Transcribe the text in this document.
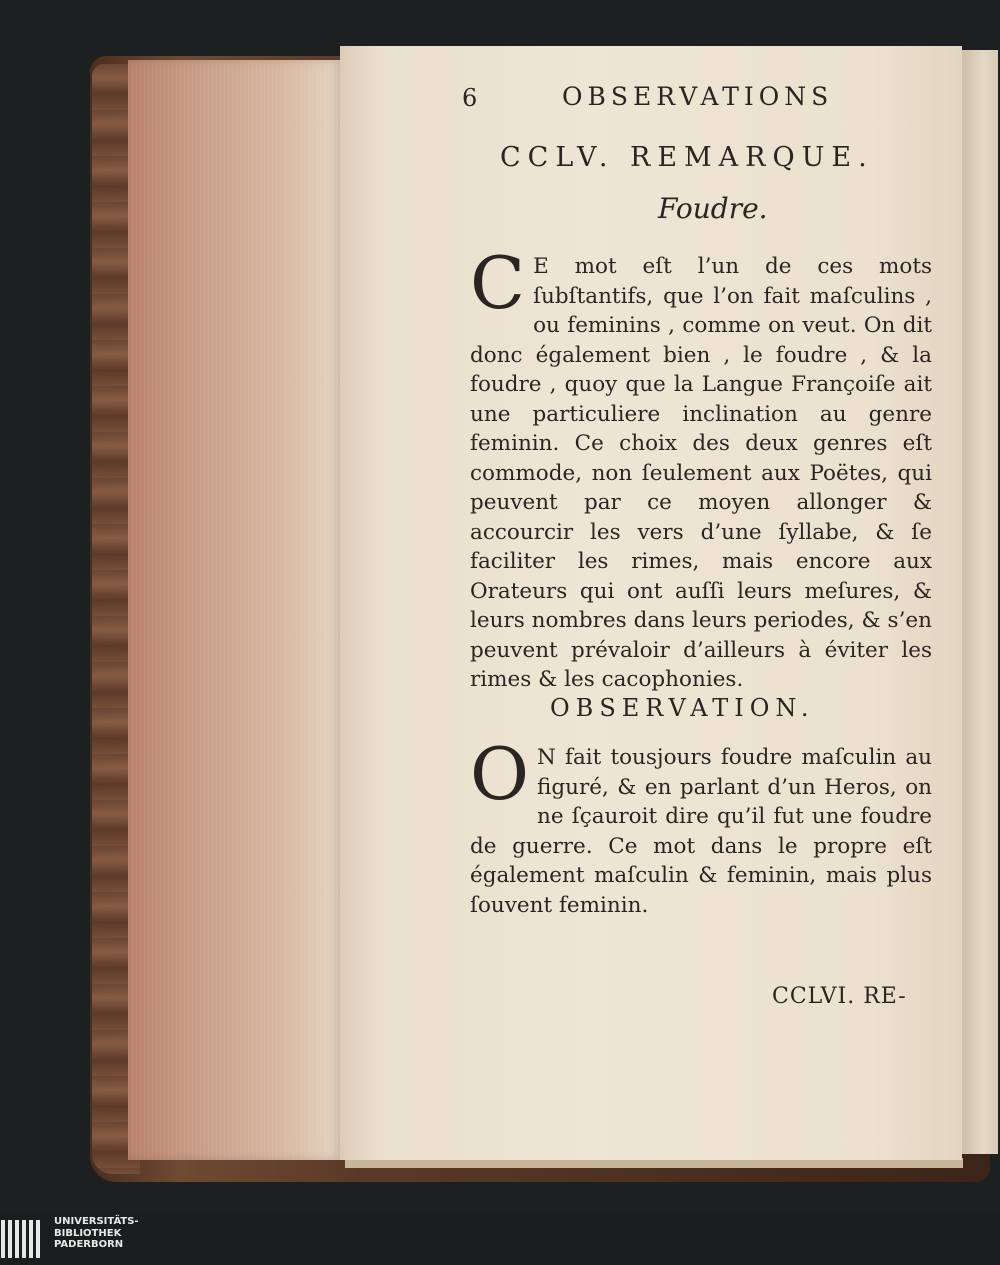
6	OBSERVATIONS
CCLV. REMARQUE.
Foudre.
C E mot eſt l’un de ces mots ſubſtantifs, que l’on fait maſculins , ou feminins , comme on veut. On dit donc également bien , le foudre , & la foudre , quoy que la Langue Françoiſe ait une particuliere inclination au genre feminin. Ce choix des deux genres eſt commode, non ſeulement aux Poëtes, qui peuvent par ce moyen allonger & accourcir les vers d’une ſyllabe, & ſe faciliter les rimes, mais encore aux Orateurs qui ont auſſi leurs meſures, & leurs nombres dans leurs periodes, & s’en peuvent prévaloir d’ailleurs à éviter les rimes & les cacophonies.
OBSERVATION.
O N fait tousjours foudre maſculin au figuré, & en parlant d’un Heros, on ne ſçauroit dire qu’il fut une foudre de guerre. Ce mot dans le propre eſt également maſculin & feminin, mais plus ſouvent feminin.
CCLVI. RE-
UNIVERSITÄTS-
BIBLIOTHEK
PADERBORN
